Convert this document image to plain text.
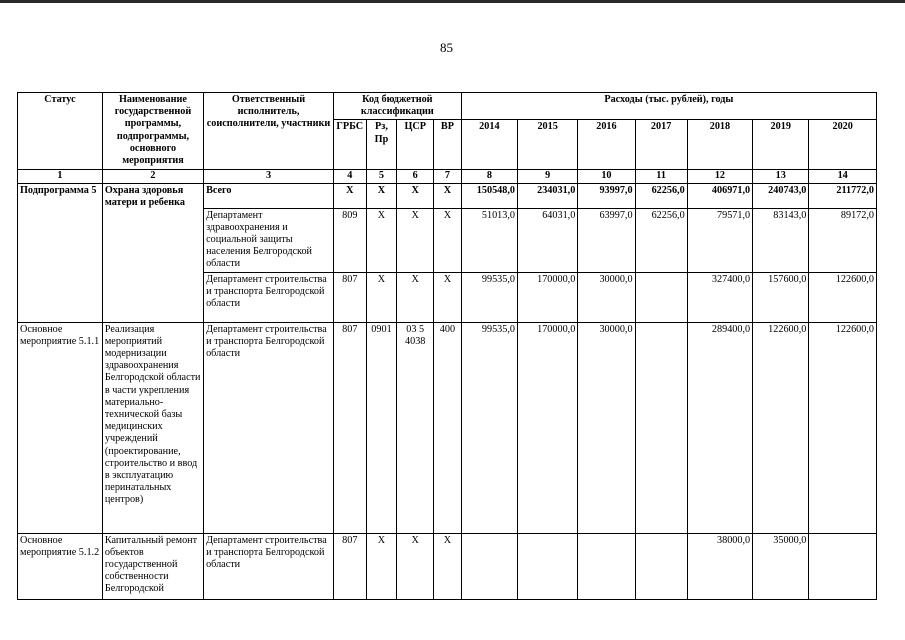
85
Статус	Наименование государственной программы, подпрограммы, основного мероприятия	Ответственный исполнитель, соисполнители, участники	Код бюджетной классификации				Расходы (тыс. рублей), годы						
			ГРБС	Рз, Пр	ЦСР	ВР	2014	2015	2016	2017	2018	2019	2020
1	2	3	4	5	6	7	8	9	10	11	12	13	14
Подпрограмма 5	Охрана здоровья матери и ребенка	Всего	Х	Х	Х	Х	150548,0	234031,0	93997,0	62256,0	406971,0	240743,0	211772,0
		Департамент здравоохранения и социальной защиты населения Белгородской области	809	Х	Х	Х	51013,0	64031,0	63997,0	62256,0	79571,0	83143,0	89172,0
		Департамент строительства и транспорта Белгородской области	807	Х	Х	Х	99535,0	170000,0	30000,0		327400,0	157600,0	122600,0
Основное мероприятие 5.1.1	Реализация мероприятий модернизации здравоохранения Белгородской области в части укрепления материально-технической базы медицинских учреждений (проектирование, строительство и ввод в эксплуатацию перинатальных центров)	Департамент строительства и транспорта Белгородской области	807	0901	03 5 4038	400	99535,0	170000,0	30000,0		289400,0	122600,0	122600,0
Основное мероприятие 5.1.2	Капитальный ремонт объектов государственной собственности Белгородской	Департамент строительства и транспорта Белгородской области	807	Х	Х	Х					38000,0	35000,0	
